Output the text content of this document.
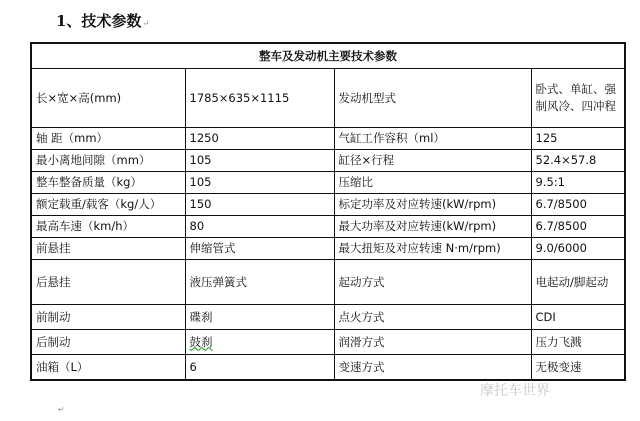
1、技术参数↵
整车及发动机主要技术参数			
长×宽×高(mm)	1785×635×1115	发动机型式	卧式、单缸、强制风冷、四冲程
轴 距（mm）	1250	气缸工作容积（ml）	125
最小离地间隙（mm）	105	缸径×行程	52.4×57.8
整车整备质量（kg）	105	压缩比	9.5:1
额定载重/载客（kg/人）	150	标定功率及对应转速(kW/rpm)	6.7/8500
最高车速（km/h）	80	最大功率及对应转速(kW/rpm)	6.7/8500
前悬挂	伸缩管式	最大扭矩及对应转速 N·m/rpm)	9.0/6000
后悬挂	液压弹簧式	起动方式	电起动/脚起动
前制动	碟刹	点火方式	CDI
后制动	鼓刹	润滑方式	压力飞溅
油箱（L）	6	变速方式	无极变速
↵
摩托车世界
